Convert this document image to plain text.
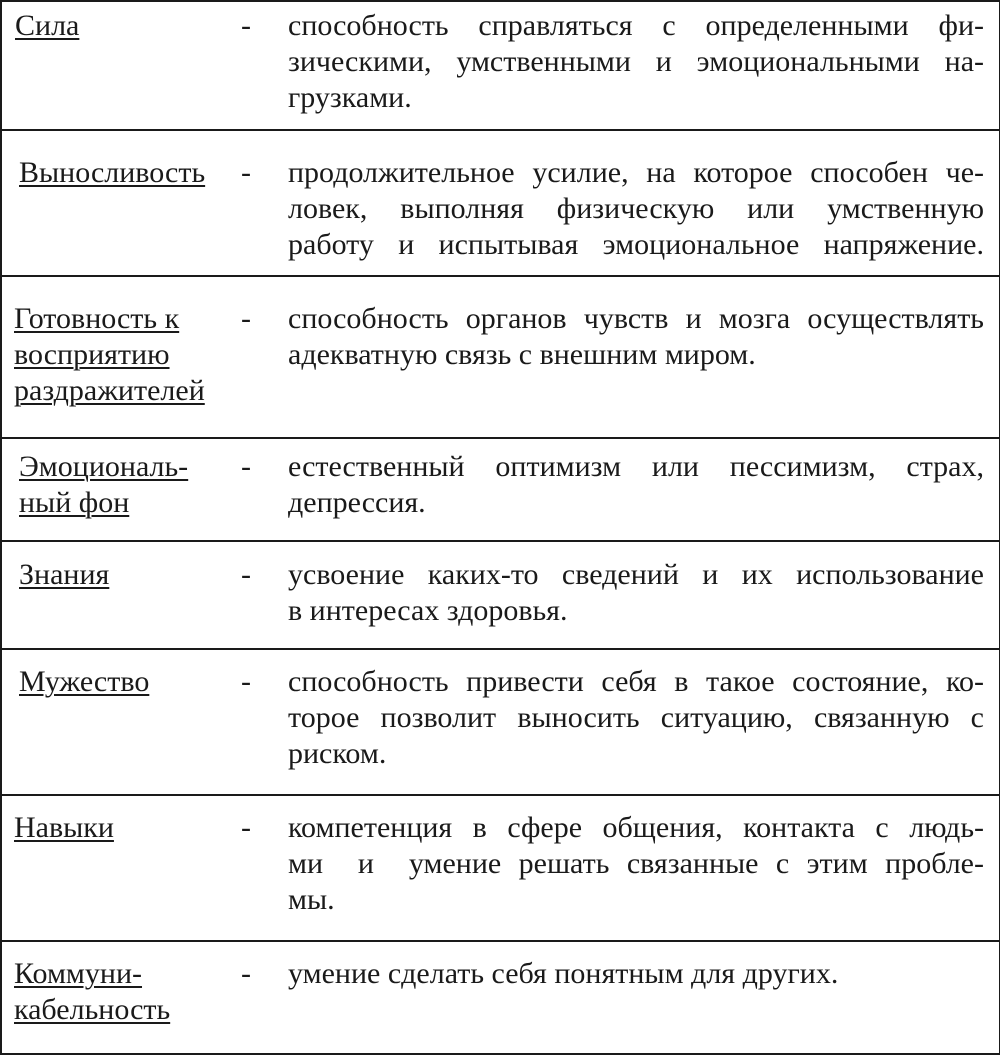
Сила	- способность справляться с определенными фи-
зическими, умственными и эмоциональными на-
грузками.
Выносливость	- продолжительное усилие, на которое способен че-
ловек, выполняя физическую или умственную
работу и испытывая эмоциональное напряжение.
Готовность к
восприятию
раздражителей
- способность органов чувств и мозга осуществлять
адекватную связь с внешним миром.
Эмоциональ-
ный фон
- естественный оптимизм или пессимизм, страх,
депрессия.
Знания	- усвоение каких-то сведений и их использование
в интересах здоровья.
Мужество	- способность привести себя в такое состояние, ко-
торое позволит выносить ситуацию, связанную с
риском.
Навыки	- компетенция в сфере общения, контакта с людь-
ми  и  умение решать связанные с этим пробле-
мы.
Коммуни-
кабельность
- умение сделать себя понятным для других.
